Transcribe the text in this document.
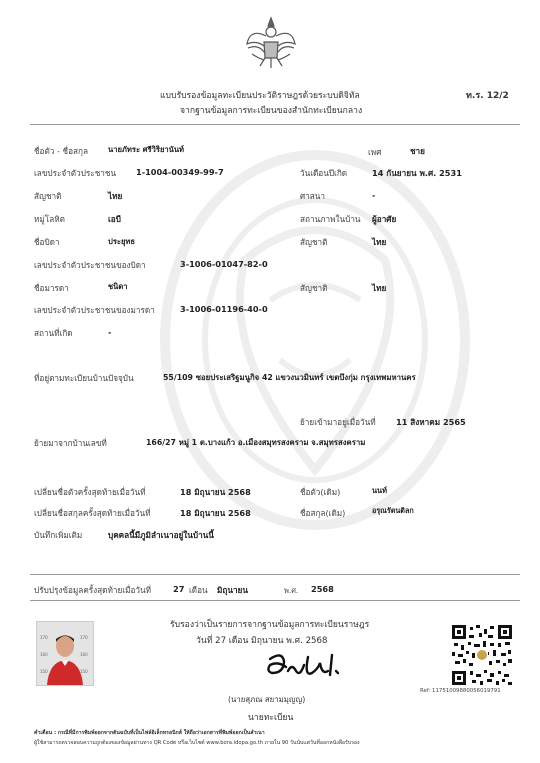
แบบรับรองข้อมูลทะเบียนประวัติราษฎรด้วยระบบดิจิทัล
จากฐานข้อมูลการทะเบียนของสำนักทะเบียนกลาง
ท.ร. 12/2
ชื่อตัว - ชื่อสกุล	นายภัทระ ศรีวิริยานันท์	เพศ	ชาย
เลขประจำตัวประชาชน 1-1004-00349-99-7	วันเดือนปีเกิด	14 กันยายน พ.ศ. 2531
สัญชาติ	ไทย	ศาสนา	-
หมู่โลหิต	เอบี	สถานภาพในบ้าน ผู้อาศัย
ชื่อบิดา	ประยุทธ	สัญชาติ	ไทย
เลขประจำตัวประชาชนของบิดา	3-1006-01047-82-0
ชื่อมารดา	ชนิดา	สัญชาติ	ไทย
เลขประจำตัวประชาชนของมารดา	3-1006-01196-40-0
สถานที่เกิด	-
ที่อยู่ตามทะเบียนบ้านปัจจุบัน	55/109 ซอยประเสริฐมนูกิจ 42 แขวงนวมินทร์ เขตบึงกุ่ม กรุงเทพมหานคร
ย้ายเข้ามาอยู่เมื่อวันที่ 11 สิงหาคม 2565
ย้ายมาจากบ้านเลขที่	166/27 หมู่ 1 ต.บางแก้ว อ.เมืองสมุทรสงคราม จ.สมุทรสงคราม
เปลี่ยนชื่อตัวครั้งสุดท้ายเมื่อวันที่	18 มิถุนายน 2568	ชื่อตัว(เดิม)	นนท์
เปลี่ยนชื่อสกุลครั้งสุดท้ายเมื่อวันที่	18 มิถุนายน 2568	ชื่อสกุล(เดิม)	อรุณรัตนติลก
บันทึกเพิ่มเติม	บุคคลนี้มีภูมิลำเนาอยู่ในบ้านนี้
ปรับปรุงข้อมูลครั้งสุดท้ายเมื่อวันที่	27 เดือน มิถุนายน	พ.ศ. 2568
170
160
150
170
160
150
รับรองว่าเป็นรายการจากฐานข้อมูลการทะเบียนราษฎร
วันที่ 27 เดือน มิถุนายน พ.ศ. 2568
(นายสุภณ สยามมุญญ)
นายทะเบียน
Ref: 11751009880056019791
คำเตือน : กรณีที่มีการพิมพ์ออกจากต้นฉบับที่เป็นไฟล์อิเล็กทรอนิกส์ ให้ถือว่าเอกสารที่พิมพ์ออกเป็นสำเนา
ผู้ใช้สามารถตรวจสอบความถูกต้องของข้อมูลผ่านทาง QR Code หรือเว็บไซต์ www.bora.idopa.go.th ภายใน 90 วันนับแต่วันที่ออกหนังสือรับรอง
